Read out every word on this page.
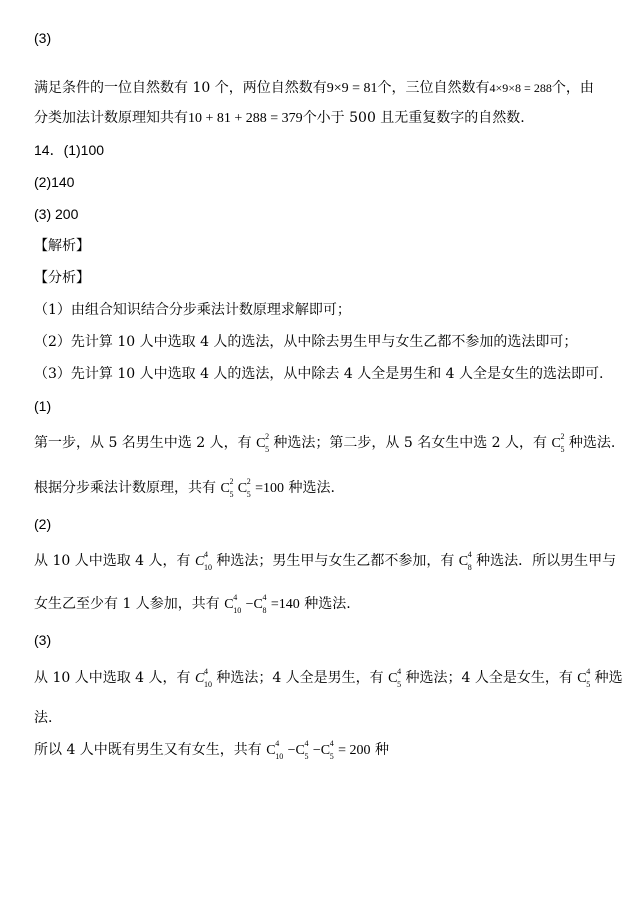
(3)
满足条件的一位自然数有 10 个，两位自然数有9×9 = 81个，三位自然数有4×9×8 = 288个，由
分类加法计数原理知共有10 + 81 + 288 = 379个小于 500 且无重复数字的自然数.
14．(1)100
(2)140
(3) 200
【解析】
【分析】
（1）由组合知识结合分步乘法计数原理求解即可；
（2）先计算 10 人中选取 4 人的选法，从中除去男生甲与女生乙都不参加的选法即可；
（3）先计算 10 人中选取 4 人的选法，从中除去 4 人全是男生和 4 人全是女生的选法即可.
(1)
第一步，从 5 名男生中选 2 人，有 C 2
5 种选法；第二步，从 5 名女生中选 2 人，有 C 2
5 种选法.
根据分步乘法计数原理，共有 C 2
5 C 2
5 =100 种选法.
(2)
从 10 人中选取 4 人，有 C 4
10 种选法；男生甲与女生乙都不参加，有 C 4
8 种选法．所以男生甲与
女生乙至少有 1 人参加，共有 C 4
10 −C 4
8 =140 种选法.
(3)
从 10 人中选取 4 人，有 C 4
10 种选法；4 人全是男生，有 C 4
5 种选法；4 人全是女生，有 C 4
5 种选
法.
所以 4 人中既有男生又有女生，共有 C 4
10 −C 4
5 −C 4
5 = 200 种
